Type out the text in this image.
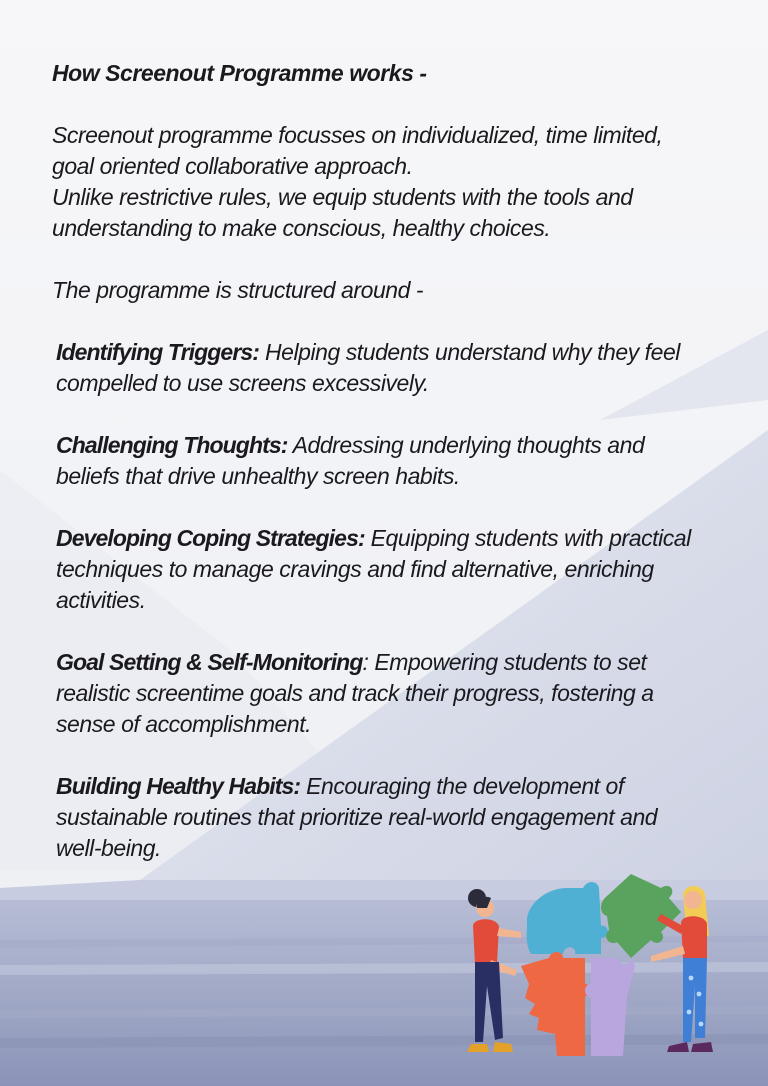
How Screenout Programme works -
Screenout programme focusses on individualized, time limited,
goal oriented collaborative approach.
Unlike restrictive rules, we equip students with the tools and
understanding to make conscious, healthy choices.
The programme is structured around -
Identifying Triggers: Helping students understand why they feel
compelled to use screens excessively.
Challenging Thoughts: Addressing underlying thoughts and
beliefs that drive unhealthy screen habits.
Developing Coping Strategies: Equipping students with practical
techniques to manage cravings and find alternative, enriching
activities.
Goal Setting & Self-Monitoring: Empowering students to set
realistic screentime goals and track their progress, fostering a
sense of accomplishment.
Building Healthy Habits: Encouraging the development of
sustainable routines that prioritize real-world engagement and
well-being.
